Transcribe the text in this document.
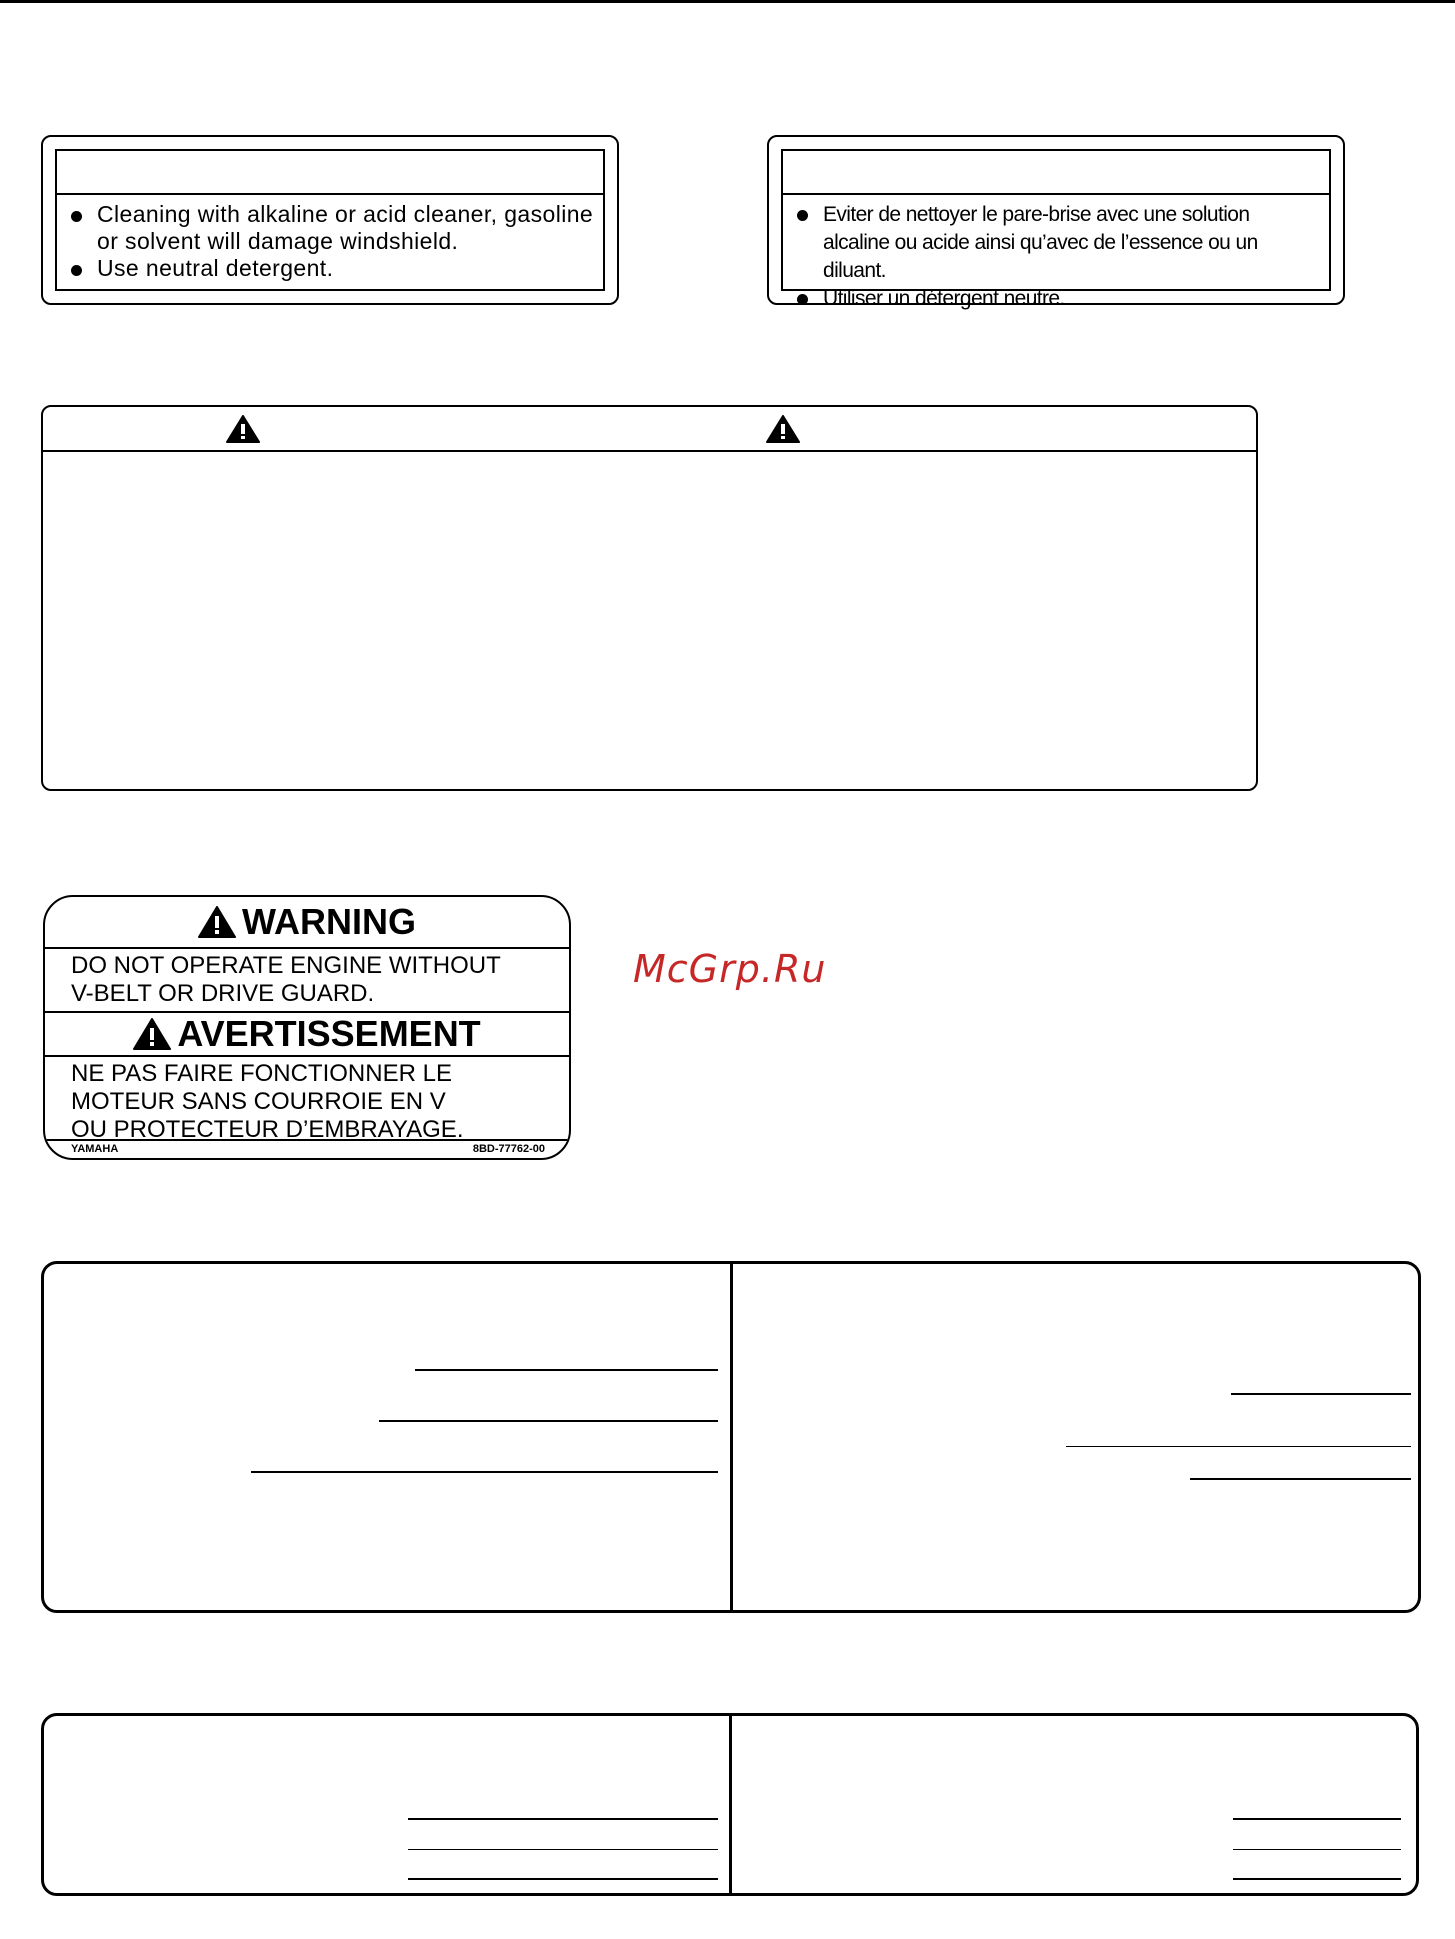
Cleaning with alkaline or acid cleaner, gasoline or solvent will damage windshield.
Use neutral detergent.
Eviter de nettoyer le pare-brise avec une solution alcaline ou acide ainsi qu’avec de l’essence ou un diluant.
Utiliser un détergent neutre.
WARNING
DO NOT OPERATE ENGINE WITHOUT
V-BELT OR DRIVE GUARD.
AVERTISSEMENT
NE PAS FAIRE FONCTIONNER LE
MOTEUR SANS COURROIE EN V
OU PROTECTEUR D’EMBRAYAGE.
YAMAHA	8BD-77762-00
McGrp.Ru
